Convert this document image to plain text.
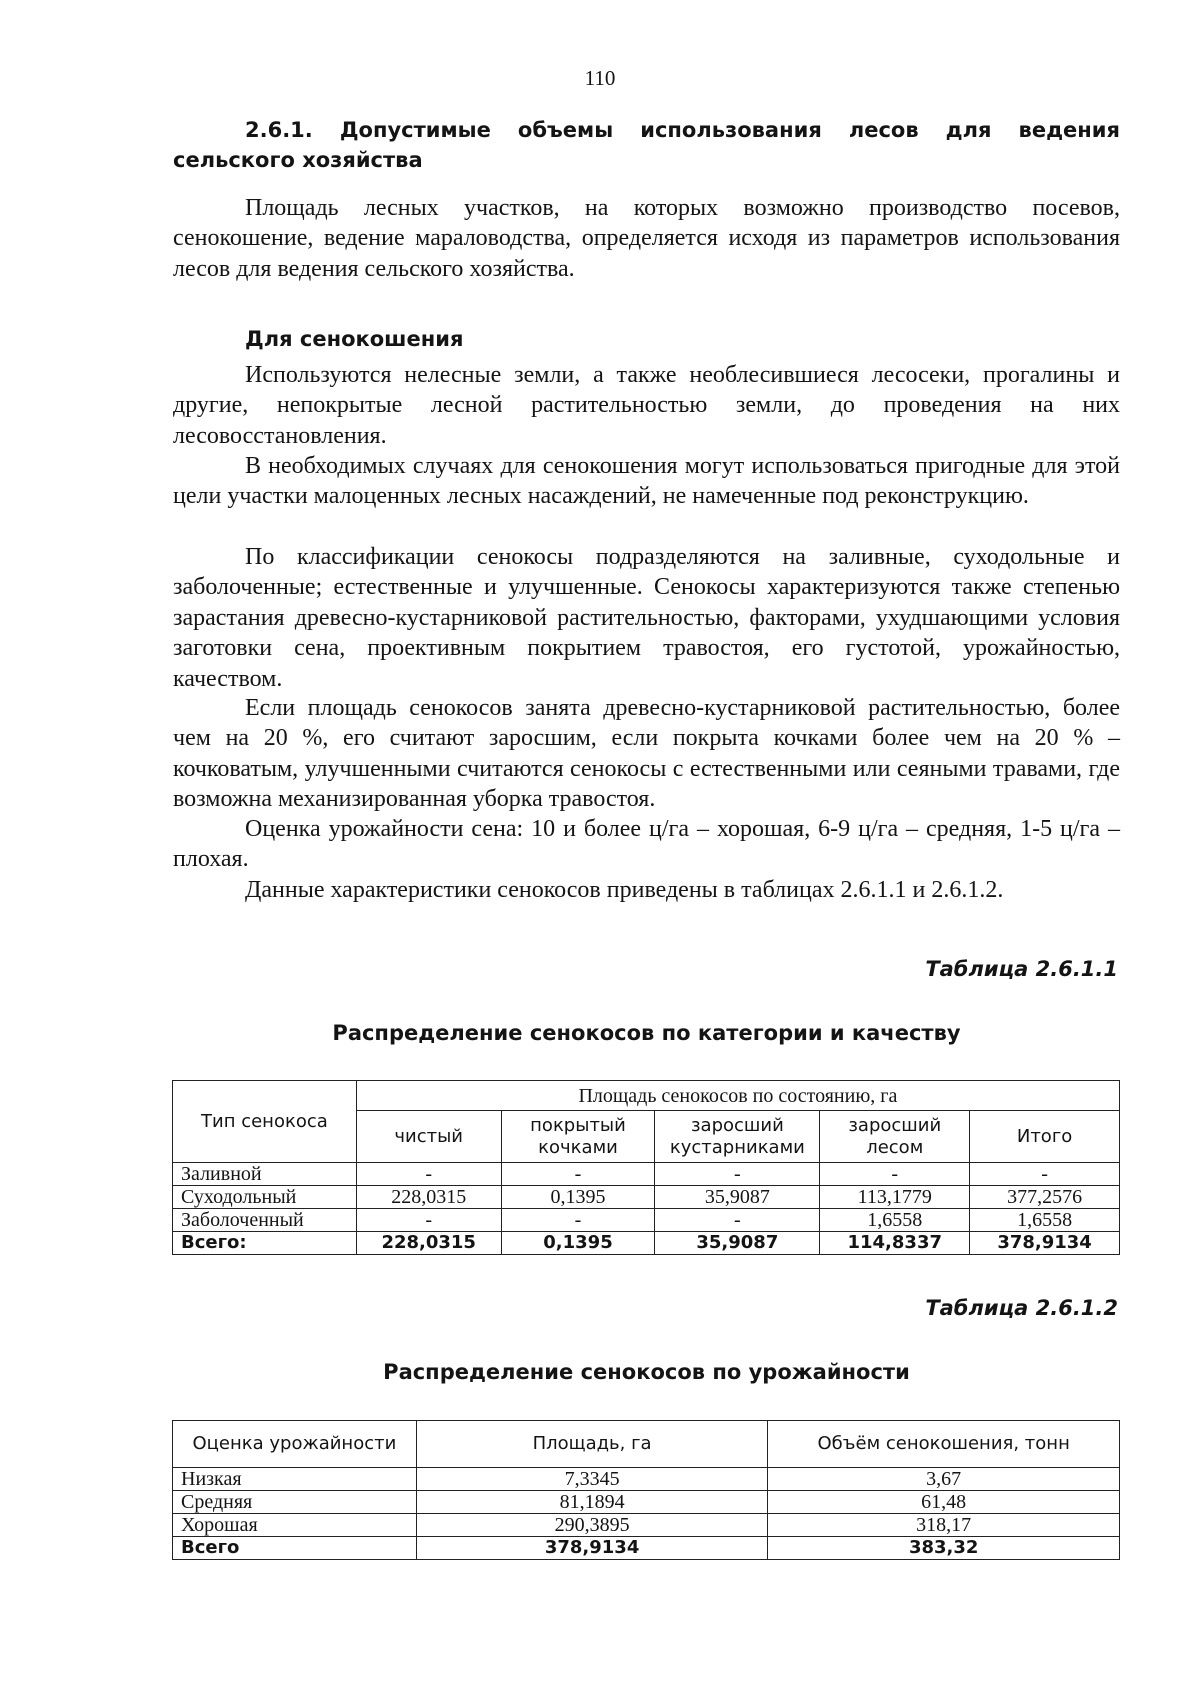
110
2.6.1. Допустимые объемы использования лесов для ведения сельского хозяйства

Площадь лесных участков, на которых возможно производство посевов, сенокошение, ведение мараловодства, определяется исходя из параметров использования лесов для ведения сельского хозяйства.

Для сенокошения

Используются нелесные земли, а также необлесившиеся лесосеки, прогалины и другие, непокрытые лесной растительностью земли, до проведения на них лесовосстановления.

В необходимых случаях для сенокошения могут использоваться пригодные для этой цели участки малоценных лесных насаждений, не намеченные под реконструкцию.

По классификации сенокосы подразделяются на заливные, суходольные и заболоченные; естественные и улучшенные. Сенокосы характеризуются также степенью зарастания древесно-кустарниковой растительностью, факторами, ухудшающими условия заготовки сена, проективным покрытием травостоя, его густотой, урожайностью, качеством.

Если площадь сенокосов занята древесно-кустарниковой растительностью, более чем на 20 %, его считают заросшим, если покрыта кочками более чем на 20 % – кочковатым, улучшенными считаются сенокосы с естественными или сеяными травами, где возможна механизированная уборка травостоя.

Оценка урожайности сена: 10 и более ц/га – хорошая, 6-9 ц/га – средняя, 1-5 ц/га – плохая.

Данные характеристики сенокосов приведены в таблицах 2.6.1.1 и 2.6.1.2.

Таблица 2.6.1.1
Распределение сенокосов по категории и качеству
Тип сенокоса	Площадь сенокосов по состоянию, га				
	чистый	покрытый кочками	заросший кустарниками	заросший лесом	Итого
Заливной	-	-	-	-	-
Суходольный	228,0315	0,1395	35,9087	113,1779	377,2576
Заболоченный	-	-	-	1,6558	1,6558
Всего:	228,0315	0,1395	35,9087	114,8337	378,9134
Таблица 2.6.1.2
Распределение сенокосов по урожайности
Оценка урожайности	Площадь, га	Объём сенокошения, тонн
Низкая	7,3345	3,67
Средняя	81,1894	61,48
Хорошая	290,3895	318,17
Всего	378,9134	383,32
